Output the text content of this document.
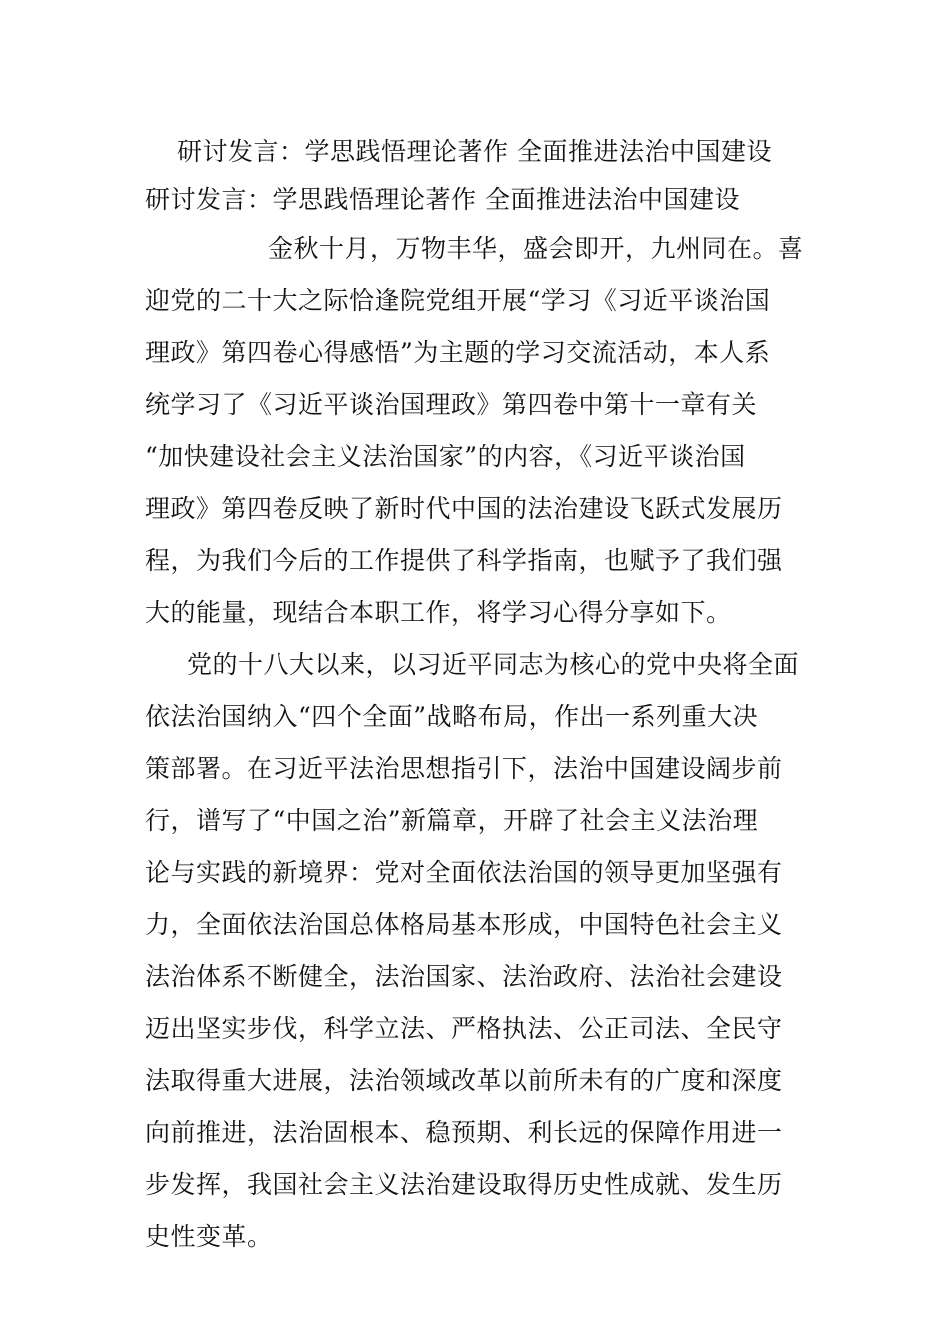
研讨发言：学思践悟理论著作 全面推进法治中国建设
研讨发言：学思践悟理论著作 全面推进法治中国建设
金秋十月，万物丰华，盛会即开，九州同在。喜
迎党的二十大之际恰逢院党组开展“学习《习近平谈治国
理政》第四卷心得感悟”为主题的学习交流活动，本人系
统学习了《习近平谈治国理政》第四卷中第十一章有关
“加快建设社会主义法治国家”的内容，《习近平谈治国
理政》第四卷反映了新时代中国的法治建设飞跃式发展历
程，为我们今后的工作提供了科学指南，也赋予了我们强
大的能量，现结合本职工作，将学习心得分享如下。
党的十八大以来，以习近平同志为核心的党中央将全面
依法治国纳入“四个全面”战略布局，作出一系列重大决
策部署。在习近平法治思想指引下，法治中国建设阔步前
行，谱写了“中国之治”新篇章，开辟了社会主义法治理
论与实践的新境界：党对全面依法治国的领导更加坚强有
力，全面依法治国总体格局基本形成，中国特色社会主义
法治体系不断健全，法治国家、法治政府、法治社会建设
迈出坚实步伐，科学立法、严格执法、公正司法、全民守
法取得重大进展，法治领域改革以前所未有的广度和深度
向前推进，法治固根本、稳预期、利长远的保障作用进一
步发挥，我国社会主义法治建设取得历史性成就、发生历
史性变革。
